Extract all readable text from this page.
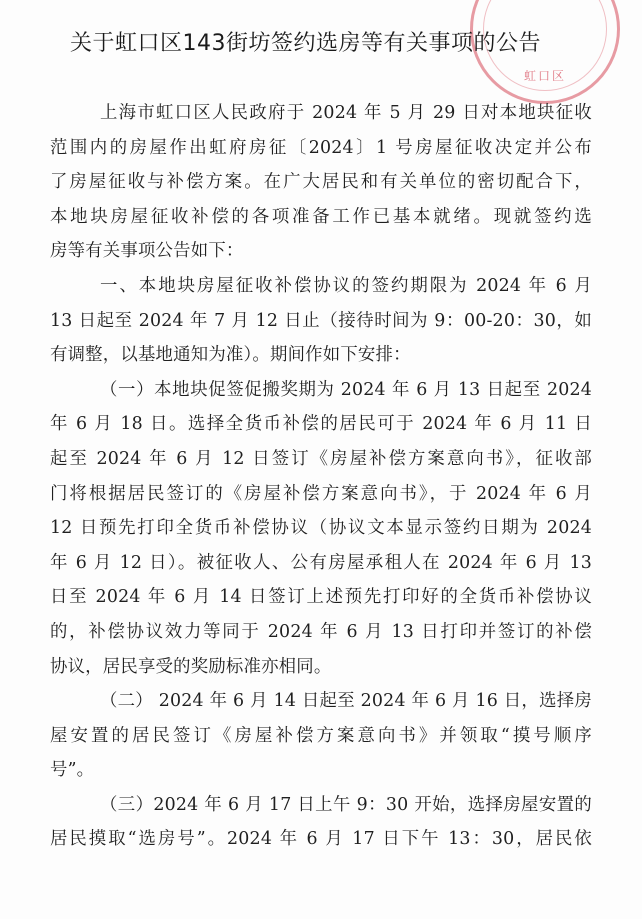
虹口区
关于虹口区143街坊签约选房等有关事项的公告
上海市虹口区人民政府于 2024 年 5 月 29 日对本地块征收
范围内的房屋作出虹府房征〔2024〕1 号房屋征收决定并公布
了房屋征收与补偿方案。在广大居民和有关单位的密切配合下，
本地块房屋征收补偿的各项准备工作已基本就绪。现就签约选
房等有关事项公告如下：
一、本地块房屋征收补偿协议的签约期限为 2024 年 6 月
13 日起至 2024 年 7 月 12 日止（接待时间为 9：00-20：30，如
有调整，以基地通知为准）。期间作如下安排：
（一）本地块促签促搬奖期为 2024 年 6 月 13 日起至 2024
年 6 月 18 日。选择全货币补偿的居民可于 2024 年 6 月 11 日
起至 2024 年 6 月 12 日签订《房屋补偿方案意向书》，征收部
门将根据居民签订的《房屋补偿方案意向书》，于 2024 年 6 月
12 日预先打印全货币补偿协议（协议文本显示签约日期为 2024
年 6 月 12 日）。被征收人、公有房屋承租人在 2024 年 6 月 13
日至 2024 年 6 月 14 日签订上述预先打印好的全货币补偿协议
的，补偿协议效力等同于 2024 年 6 月 13 日打印并签订的补偿
协议，居民享受的奖励标准亦相同。
（二） 2024 年 6 月 14 日起至 2024 年 6 月 16 日，选择房
屋安置的居民签订《房屋补偿方案意向书》并领取“摸号顺序
号”。
（三）2024 年 6 月 17 日上午 9：30 开始，选择房屋安置的
居民摸取“选房号”。2024 年 6 月 17 日下午 13：30，居民依
